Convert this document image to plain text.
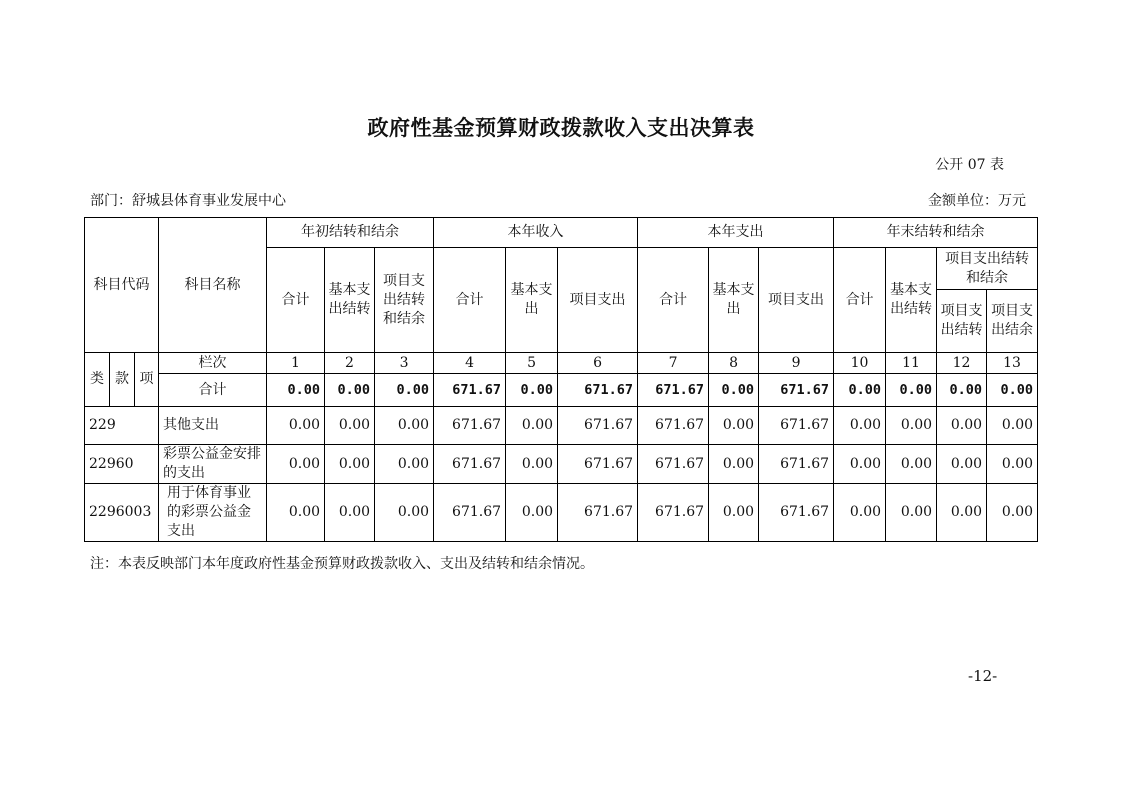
政府性基金预算财政拨款收入支出决算表
公开 07 表
部门：舒城县体育事业发展中心	金额单位：万元
科目代码			科目名称	年初结转和结余			本年收入			本年支出			年末结转和结余			
				合计	基本支出结转	项目支出结转和结余	合计	基本支出	项目支出	合计	基本支出	项目支出	合计	基本支出结转	项目支出结转和结余	
															项目支出结转	项目支出结余
类	款	项	栏次	1	2	3	4	5	6	7	8	9	10	11	12	13
			合计	0.00	0.00	0.00	671.67	0.00	671.67	671.67	0.00	671.67	0.00	0.00	0.00	0.00
229			其他支出	0.00	0.00	0.00	671.67	0.00	671.67	671.67	0.00	671.67	0.00	0.00	0.00	0.00
22960			彩票公益金安排的支出	0.00	0.00	0.00	671.67	0.00	671.67	671.67	0.00	671.67	0.00	0.00	0.00	0.00
2296003			用于体育事业的彩票公益金支出	0.00	0.00	0.00	671.67	0.00	671.67	671.67	0.00	671.67	0.00	0.00	0.00	0.00
注：本表反映部门本年度政府性基金预算财政拨款收入、支出及结转和结余情况。
-12-
